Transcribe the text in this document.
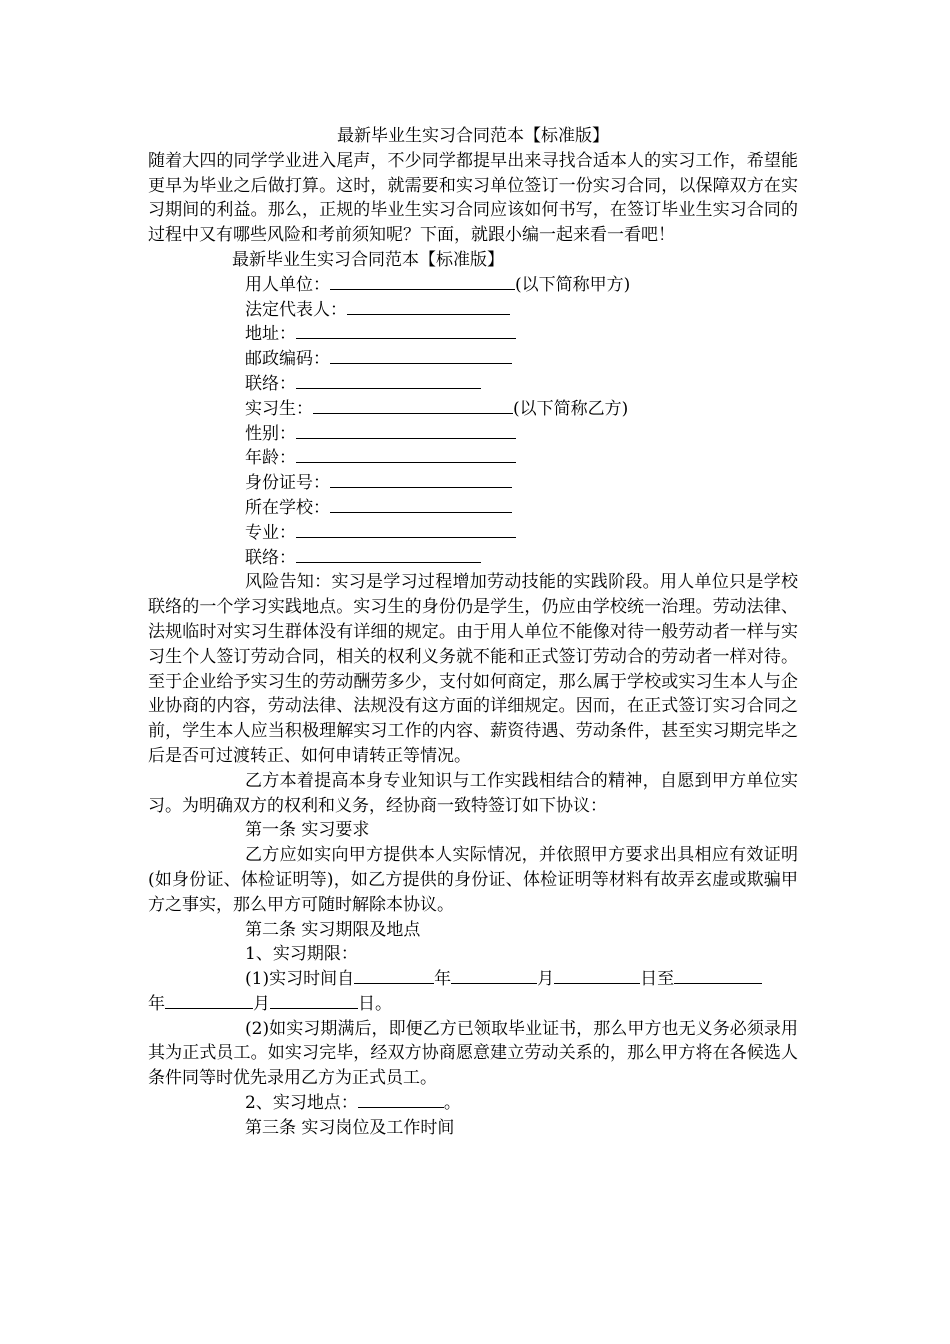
最新毕业生实习合同范本【标准版】

随着大四的同学学业进入尾声，不少同学都提早出来寻找合适本人的实习工作，希望能更早为毕业之后做打算。这时，就需要和实习单位签订一份实习合同，以保障双方在实习期间的利益。那么，正规的毕业生实习合同应该如何书写，在签订毕业生实习合同的过程中又有哪些风险和考前须知呢？下面，就跟小编一起来看一看吧！

最新毕业生实习合同范本【标准版】

用人单位：	(以下简称甲方)

法定代表人：

地址：

邮政编码：

联络：

实习生：	(以下简称乙方)

性别：

年龄：

身份证号：

所在学校：

专业：

联络：

风险告知：实习是学习过程增加劳动技能的实践阶段。用人单位只是学校联络的一个学习实践地点。实习生的身份仍是学生，仍应由学校统一治理。劳动法律、法规临时对实习生群体没有详细的规定。由于用人单位不能像对待一般劳动者一样与实习生个人签订劳动合同，相关的权利义务就不能和正式签订劳动合的劳动者一样对待。至于企业给予实习生的劳动酬劳多少，支付如何商定，那么属于学校或实习生本人与企业协商的内容，劳动法律、法规没有这方面的详细规定。因而，在正式签订实习合同之前，学生本人应当积极理解实习工作的内容、薪资待遇、劳动条件，甚至实习期完毕之后是否可过渡转正、如何申请转正等情况。

乙方本着提高本身专业知识与工作实践相结合的精神，自愿到甲方单位实习。为明确双方的权利和义务，经协商一致特签订如下协议：

第一条 实习要求

乙方应如实向甲方提供本人实际情况，并依照甲方要求出具相应有效证明(如身份证、体检证明等)，如乙方提供的身份证、体检证明等材料有故弄玄虚或欺骗甲方之事实，那么甲方可随时解除本协议。

第二条 实习期限及地点

1、实习期限：

(1)实习时间自	年	月	日至
年	月	日。

(2)如实习期满后，即便乙方已领取毕业证书，那么甲方也无义务必须录用其为正式员工。如实习完毕，经双方协商愿意建立劳动关系的，那么甲方将在各候选人条件同等时优先录用乙方为正式员工。

2、实习地点：	。

第三条 实习岗位及工作时间
